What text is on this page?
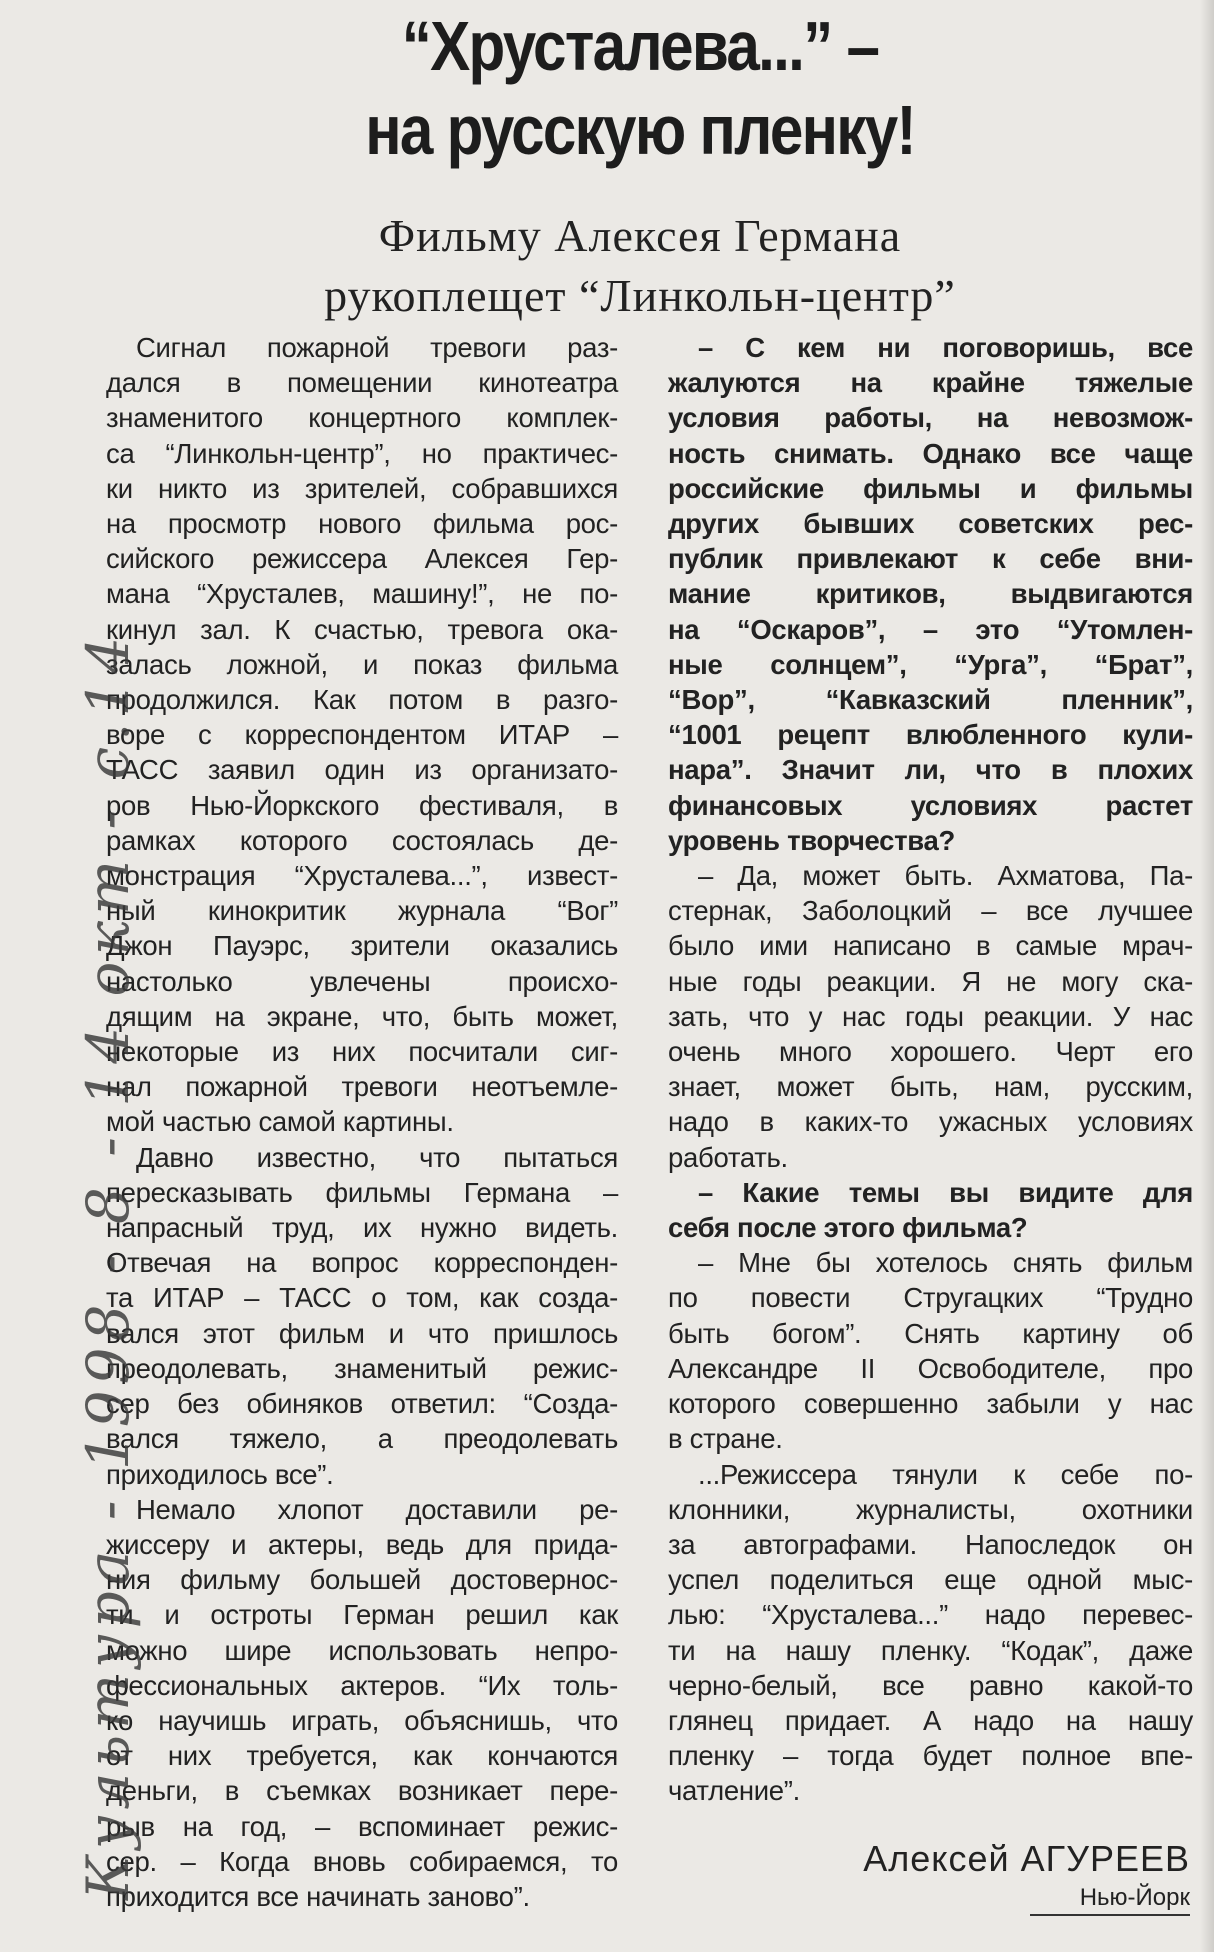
“Хрусталева...” –
на русскую пленку!
Фильму Алексея Германа
рукоплещет “Линкольн-центр”
Сигнал пожарной тревоги раз-
дался в помещении кинотеатра
знаменитого концертного комплек-
са “Линкольн-центр”, но практичес-
ки никто из зрителей, собравшихся
на просмотр нового фильма рос-
сийского режиссера Алексея Гер-
мана “Хрусталев, машину!”, не по-
кинул зал. К счастью, тревога ока-
залась ложной, и показ фильма
продолжился. Как потом в разго-
воре с корреспондентом ИТАР –
ТАСС заявил один из организато-
ров Нью-Йоркского фестиваля, в
рамках которого состоялась де-
монстрация “Хрусталева...”, извест-
ный кинокритик журнала “Вог”
Джон Пауэрс, зрители оказались
настолько увлечены происхо-
дящим на экране, что, быть может,
некоторые из них посчитали сиг-
нал пожарной тревоги неотъемле-
мой частью самой картины.
Давно известно, что пытаться
пересказывать фильмы Германа –
напрасный труд, их нужно видеть.
Отвечая на вопрос корреспонден-
та ИТАР – ТАСС о том, как созда-
вался этот фильм и что пришлось
преодолевать, знаменитый режис-
сер без обиняков ответил: “Созда-
вался тяжело, а преодолевать
приходилось все”.
Немало хлопот доставили ре-
жиссеру и актеры, ведь для прида-
ния фильму большей достовернос-
ти и остроты Герман решил как
можно шире использовать непро-
фессиональных актеров. “Их толь-
ко научишь играть, объяснишь, что
от них требуется, как кончаются
деньги, в съемках возникает пере-
рыв на год, – вспоминает режис-
сер. – Когда вновь собираемся, то
приходится все начинать заново”.
– С кем ни поговоришь, все
жалуются на крайне тяжелые
условия работы, на невозмож-
ность снимать. Однако все чаще
российские фильмы и фильмы
других бывших советских рес-
публик привлекают к себе вни-
мание критиков, выдвигаются
на “Оскаров”, – это “Утомлен-
ные солнцем”, “Урга”, “Брат”,
“Вор”, “Кавказский пленник”,
“1001 рецепт влюбленного кули-
нара”. Значит ли, что в плохих
финансовых условиях растет
уровень творчества?
– Да, может быть. Ахматова, Па-
стернак, Заболоцкий – все лучшее
было ими написано в самые мрач-
ные годы реакции. Я не могу ска-
зать, что у нас годы реакции. У нас
очень много хорошего. Черт его
знает, может быть, нам, русским,
надо в каких-то ужасных условиях
работать.
– Какие темы вы видите для
себя после этого фильма?
– Мне бы хотелось снять фильм
по повести Стругацких “Трудно
быть богом”. Снять картину об
Александре II Освободителе, про
которого совершенно забыли у нас
в стране.
...Режиссера тянули к себе по-
клонники, журналисты, охотники
за автографами. Напоследок он
успел поделиться еще одной мыс-
лью: “Хрусталева...” надо перевес-
ти на нашу пленку. “Кодак”, даже
черно-белый, все равно какой-то
глянец придает. А надо на нашу
пленку – тогда будет полное впе-
чатление”.
Алексей АГУРЕЕВ
Нью-Йорк
Культура - 1998 - 8 - 14 окт - с.14
